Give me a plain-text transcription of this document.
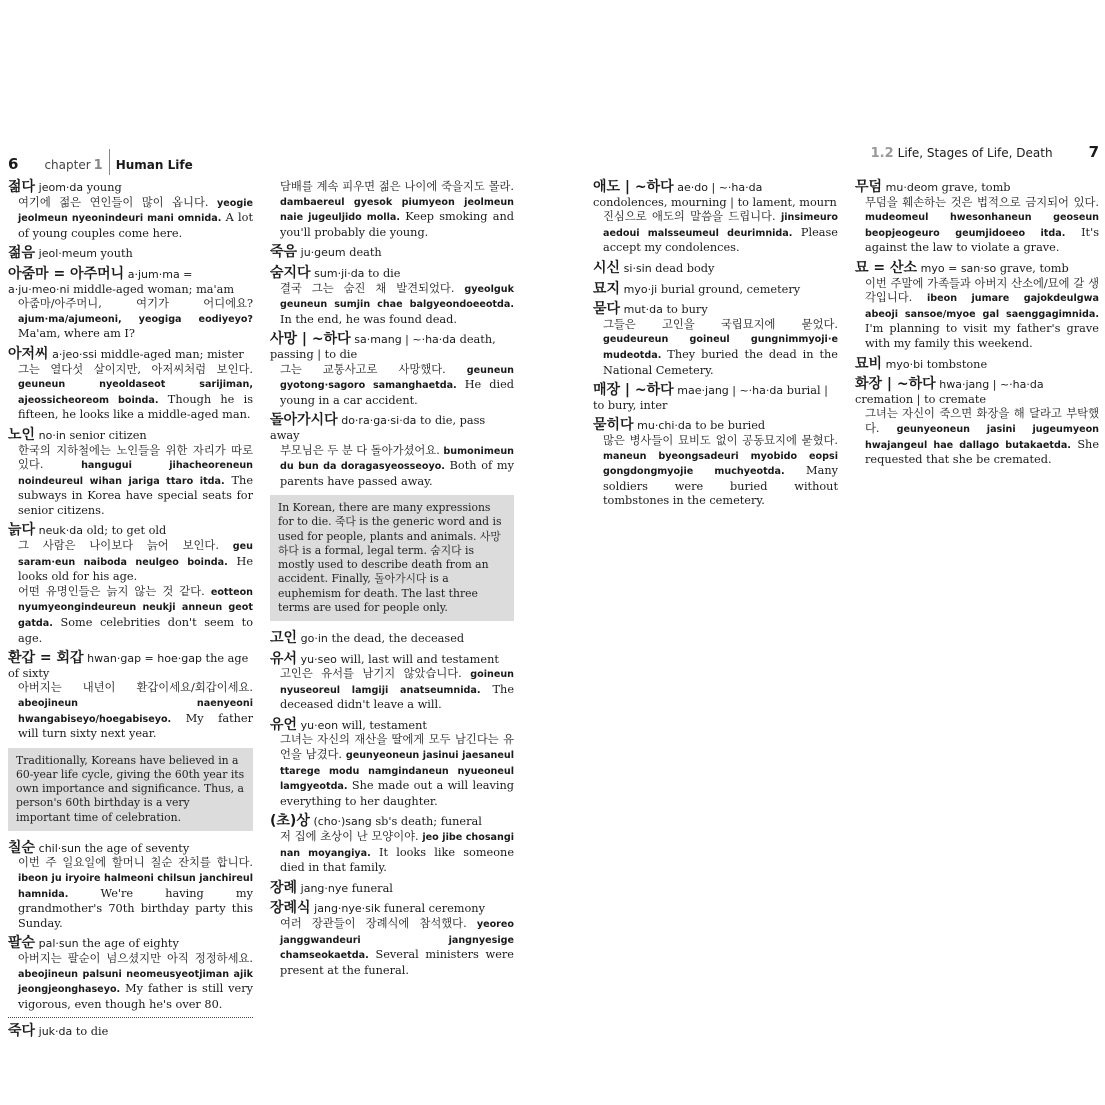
6 chapter 1 Human Life
1.2 Life, Stages of Life, Death 7
젊다 jeom·da young
여기에 젊은 연인들이 많이 옵니다. yeogie jeolmeun nyeonindeuri mani omnida. A lot of young couples come here.
젊음 jeol·meum youth
아줌마 = 아주머니 a·jum·ma = a·ju·meo·ni middle-aged woman; ma'am
아줌마/아주머니, 여기가 어디에요? ajum·ma/ajumeoni, yeogiga eodiyeyo? Ma'am, where am I?
아저씨 a·jeo·ssi middle-aged man; mister
그는 열다섯 살이지만, 아저씨처럼 보인다. geuneun nyeoldaseot sarijiman, ajeossicheoreom boinda. Though he is fifteen, he looks like a middle-aged man.
노인 no·in senior citizen
한국의 지하철에는 노인들을 위한 자리가 따로 있다.	hangugui jihacheoreneun noindeureul wihan jariga ttaro itda. The subways in Korea have special seats for senior citizens.
늙다 neuk·da old; to get old
그 사람은 나이보다 늙어 보인다. geu saram·eun naiboda neulgeo boinda. He looks old for his age.
어떤 유명인들은 늙지 않는 것 같다. eotteon nyumyeongindeureun neukji anneun geot gatda. Some celebrities don't seem to age.
환갑 = 회갑 hwan·gap = hoe·gap the age of sixty
아버지는 내년이 환갑이세요/회갑이세요. abeojineun naenyeoni hwangabiseyo/hoegabiseyo. My father will turn sixty next year.
Traditionally, Koreans have believed in a 60-year life cycle, giving the 60th year its own importance and significance. Thus, a person's 60th birthday is a very important time of celebration.
칠순 chil·sun the age of seventy
이번 주 일요일에 할머니 칠순 잔치를 합니다. ibeon ju iryoire halmeoni chilsun janchireul hamnida.	We're having my grandmother's 70th birthday party this Sunday.
팔순 pal·sun the age of eighty
아버지는 팔순이 넘으셨지만 아직 정정하세요. abeojineun palsuni neomeusyeotjiman ajik jeongjeonghaseyo. My father is still very vigorous, even though he's over 80.
죽다 juk·da to die
담배를 계속 피우면 젊은 나이에 죽을지도 몰라. dambaereul gyesok piumyeon jeolmeun naie jugeuljido molla. Keep smoking and you'll probably die young.
죽음 ju·geum death
숨지다 sum·ji·da to die
결국 그는 숨진 채 발견되었다. gyeolguk geuneun sumjin chae balgyeondoeeotda. In the end, he was found dead.
사망 | ~하다 sa·mang | ~·ha·da death, passing | to die
그는 교통사고로 사망했다. geuneun gyotong·sagoro samanghaetda. He died young in a car accident.
돌아가시다 do·ra·ga·si·da to die, pass away
부모님은 두 분 다 돌아가셨어요. bumonimeun du bun da doragasyeosseoyo. Both of my parents have passed away.
In Korean, there are many expressions for to die. 죽다 is the generic word and is used for people, plants and animals. 사망하다 is a formal, legal term. 숨지다 is mostly used to describe death from an accident. Finally, 돌아가시다 is a euphemism for death. The last three terms are used for people only.
고인 go·in the dead, the deceased
유서 yu·seo will, last will and testament
고인은 유서를 남기지 않았습니다. goineun nyuseoreul lamgiji anatseumnida. The deceased didn't leave a will.
유언 yu·eon will, testament
그녀는 자신의 재산을 딸에게 모두 남긴다는 유언을 남겼다. geunyeoneun jasinui jaesaneul ttarege modu namgindaneun nyueoneul lamgyeotda. She made out a will leaving everything to her daughter.
(초)상 (cho·)sang sb's death; funeral
저 집에 초상이 난 모양이야. jeo jibe chosangi nan moyangiya. It looks like someone died in that family.
장례 jang·nye funeral
장례식 jang·nye·sik funeral ceremony
여러 장관들이 장례식에 참석했다. yeoreo janggwandeuri jangnyesige chamseokaetda. Several ministers were present at the funeral.
애도 | ~하다 ae·do | ~·ha·da condolences, mourning | to lament, mourn
진심으로 애도의 말씀을 드립니다. jinsimeuro aedoui malsseumeul deurimnida. Please accept my condolences.
시신 si·sin dead body
묘지 myo·ji burial ground, cemetery
묻다 mut·da to bury
그들은 고인을 국립묘지에 묻었다. geudeureun goineul gungnimmyoji·e mudeotda. They buried the dead in the National Cemetery.
매장 | ~하다 mae·jang | ~·ha·da burial | to bury, inter
묻히다 mu·chi·da to be buried
많은 병사들이 묘비도 없이 공동묘지에 묻혔다. maneun byeongsadeuri myobido eopsi gongdongmyojie muchyeotda. Many soldiers were buried without tombstones in the cemetery.
무덤 mu·deom grave, tomb
무덤을 훼손하는 것은 법적으로 금지되어 있다. mudeomeul hwesonhaneun geoseun beopjeogeuro geumjidoeeo itda. It's against the law to violate a grave.
묘 = 산소 myo = san·so grave, tomb
이번 주말에 가족들과 아버지 산소에/묘에 갈 생각입니다. ibeon jumare gajokdeulgwa abeoji sansoe/myoe gal saenggagimnida. I'm planning to visit my father's grave with my family this weekend.
묘비 myo·bi tombstone
화장 | ~하다 hwa·jang | ~·ha·da cremation | to cremate
그녀는 자신이 죽으면 화장을 해 달라고 부탁했다. geunyeoneun jasini jugeumyeon hwajangeul hae dallago butakaetda. She requested that she be cremated.
